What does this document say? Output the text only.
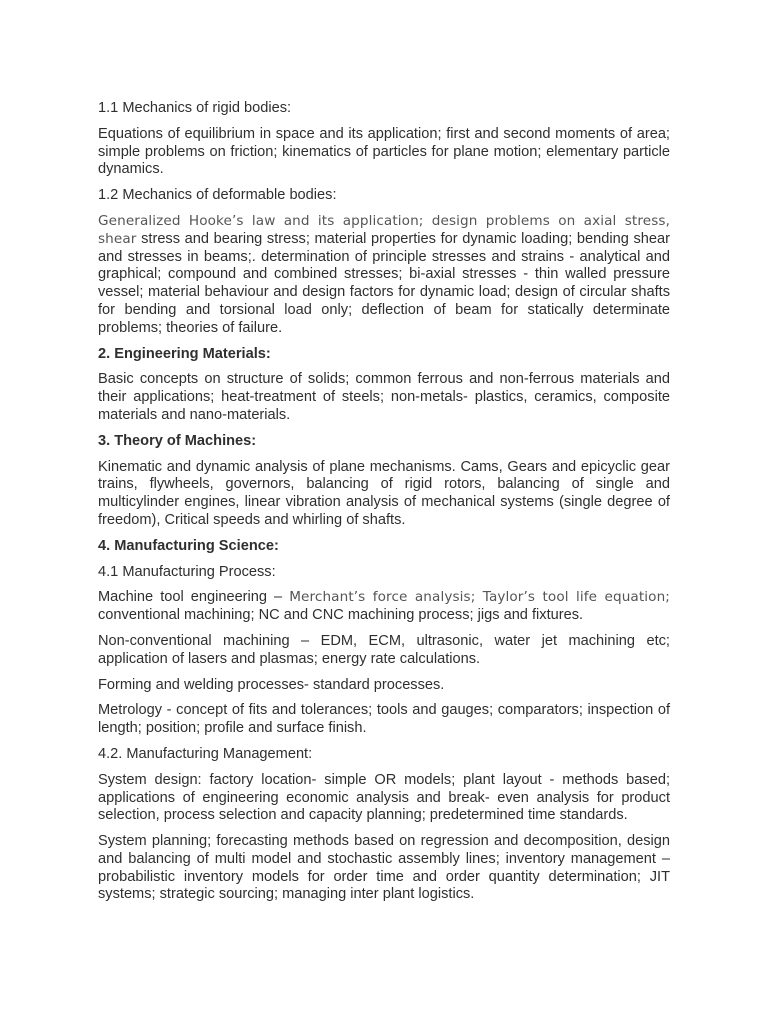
1.1 Mechanics of rigid bodies:

Equations of equilibrium in space and its application; first and second moments of area; simple problems on friction; kinematics of particles for plane motion; elementary particle dynamics.

1.2 Mechanics of deformable bodies:

Generalized Hooke’s law and its application; design problems on axial stress, shear stress and bearing stress; material properties for dynamic loading; bending shear and stresses in beams;. determination of principle stresses and strains - analytical and graphical; compound and combined stresses; bi-axial stresses - thin walled pressure vessel; material behaviour and design factors for dynamic load; design of circular shafts for bending and torsional load only; deflection of beam for statically determinate problems; theories of failure.

2. Engineering Materials:

Basic concepts on structure of solids; common ferrous and non-ferrous materials and their applications; heat-treatment of steels; non-metals- plastics, ceramics, composite materials and nano-materials.

3. Theory of Machines:

Kinematic and dynamic analysis of plane mechanisms. Cams, Gears and epicyclic gear trains, flywheels, governors, balancing of rigid rotors, balancing of single and multicylinder engines, linear vibration analysis of mechanical systems (single degree of freedom), Critical speeds and whirling of shafts.

4. Manufacturing Science:

4.1 Manufacturing Process:

Machine tool engineering – Merchant’s force analysis; Taylor’s tool life equation; conventional machining; NC and CNC machining process; jigs and fixtures.

Non-conventional machining – EDM, ECM, ultrasonic, water jet machining etc; application of lasers and plasmas; energy rate calculations.

Forming and welding processes- standard processes.

Metrology - concept of fits and tolerances; tools and gauges; comparators; inspection of length; position; profile and surface finish.

4.2. Manufacturing Management:

System design: factory location- simple OR models; plant layout - methods based; applications of engineering economic analysis and break- even analysis for product selection, process selection and capacity planning; predetermined time standards.

System planning; forecasting methods based on regression and decomposition, design and balancing of multi model and stochastic assembly lines; inventory management – probabilistic inventory models for order time and order quantity determination; JIT systems; strategic sourcing; managing inter plant logistics.
